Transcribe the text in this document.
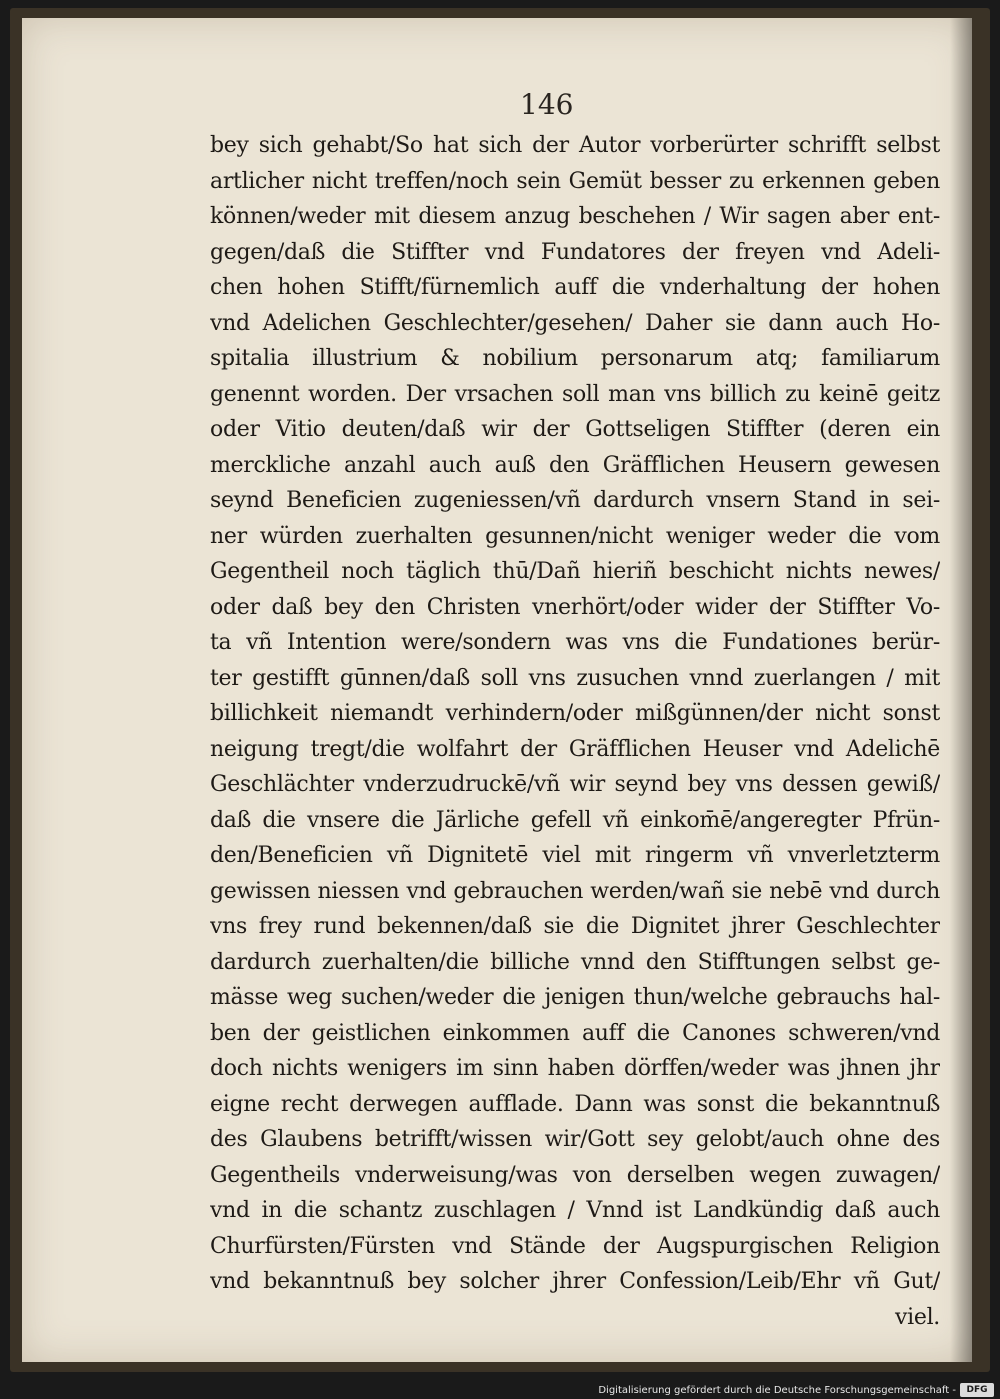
146
bey sich gehabt/So hat sich der Autor vorberürter schrifft selbst
artlicher nicht treffen/noch sein Gemüt besser zu erkennen geben
können/weder mit diesem anzug beschehen / Wir sagen aber ent-
gegen/daß die Stiffter vnd Fundatores der freyen vnd Adeli-
chen hohen Stifft/fürnemlich auff die vnderhaltung der hohen
vnd Adelichen Geschlechter/gesehen/ Daher sie dann auch Ho-
spitalia illustrium & nobilium personarum atq; familiarum
genennt worden. Der vrsachen soll man vns billich zu keinē geitz
oder Vitio deuten/daß wir der Gottseligen Stiffter (deren ein
merckliche anzahl auch auß den Gräfflichen Heusern gewesen
seynd Beneficien zugeniessen/vñ dardurch vnsern Stand in sei-
ner würden zuerhalten gesunnen/nicht weniger weder die vom
Gegentheil noch täglich thū/Dañ hieriñ beschicht nichts newes/
oder daß bey den Christen vnerhört/oder wider der Stiffter Vo-
ta vñ Intention were/sondern was vns die Fundationes berür-
ter gestifft gūnnen/daß soll vns zusuchen vnnd zuerlangen / mit
billichkeit niemandt verhindern/oder mißgünnen/der nicht sonst
neigung tregt/die wolfahrt der Gräfflichen Heuser vnd Adelichē
Geschlächter vnderzudruckē/vñ wir seynd bey vns dessen gewiß/
daß die vnsere die Järliche gefell vñ einkom̄ē/angeregter Pfrün-
den/Beneficien vñ Dignitetē viel mit ringerm vñ vnverletzterm
gewissen niessen vnd gebrauchen werden/wañ sie nebē vnd durch
vns frey rund bekennen/daß sie die Dignitet jhrer Geschlechter
dardurch zuerhalten/die billiche vnnd den Stifftungen selbst ge-
mässe weg suchen/weder die jenigen thun/welche gebrauchs hal-
ben der geistlichen einkommen auff die Canones schweren/vnd
doch nichts wenigers im sinn haben dörffen/weder was jhnen jhr
eigne recht derwegen aufflade. Dann was sonst die bekanntnuß
des Glaubens betrifft/wissen wir/Gott sey gelobt/auch ohne des
Gegentheils vnderweisung/was von derselben wegen zuwagen/
vnd in die schantz zuschlagen / Vnnd ist Landkündig daß auch
Churfürsten/Fürsten vnd Stände der Augspurgischen Religion
vnd bekanntnuß bey solcher jhrer Confession/Leib/Ehr vñ Gut/
viel.
Digitalisierung gefördert durch die Deutsche Forschungsgemeinschaft -	DFG
